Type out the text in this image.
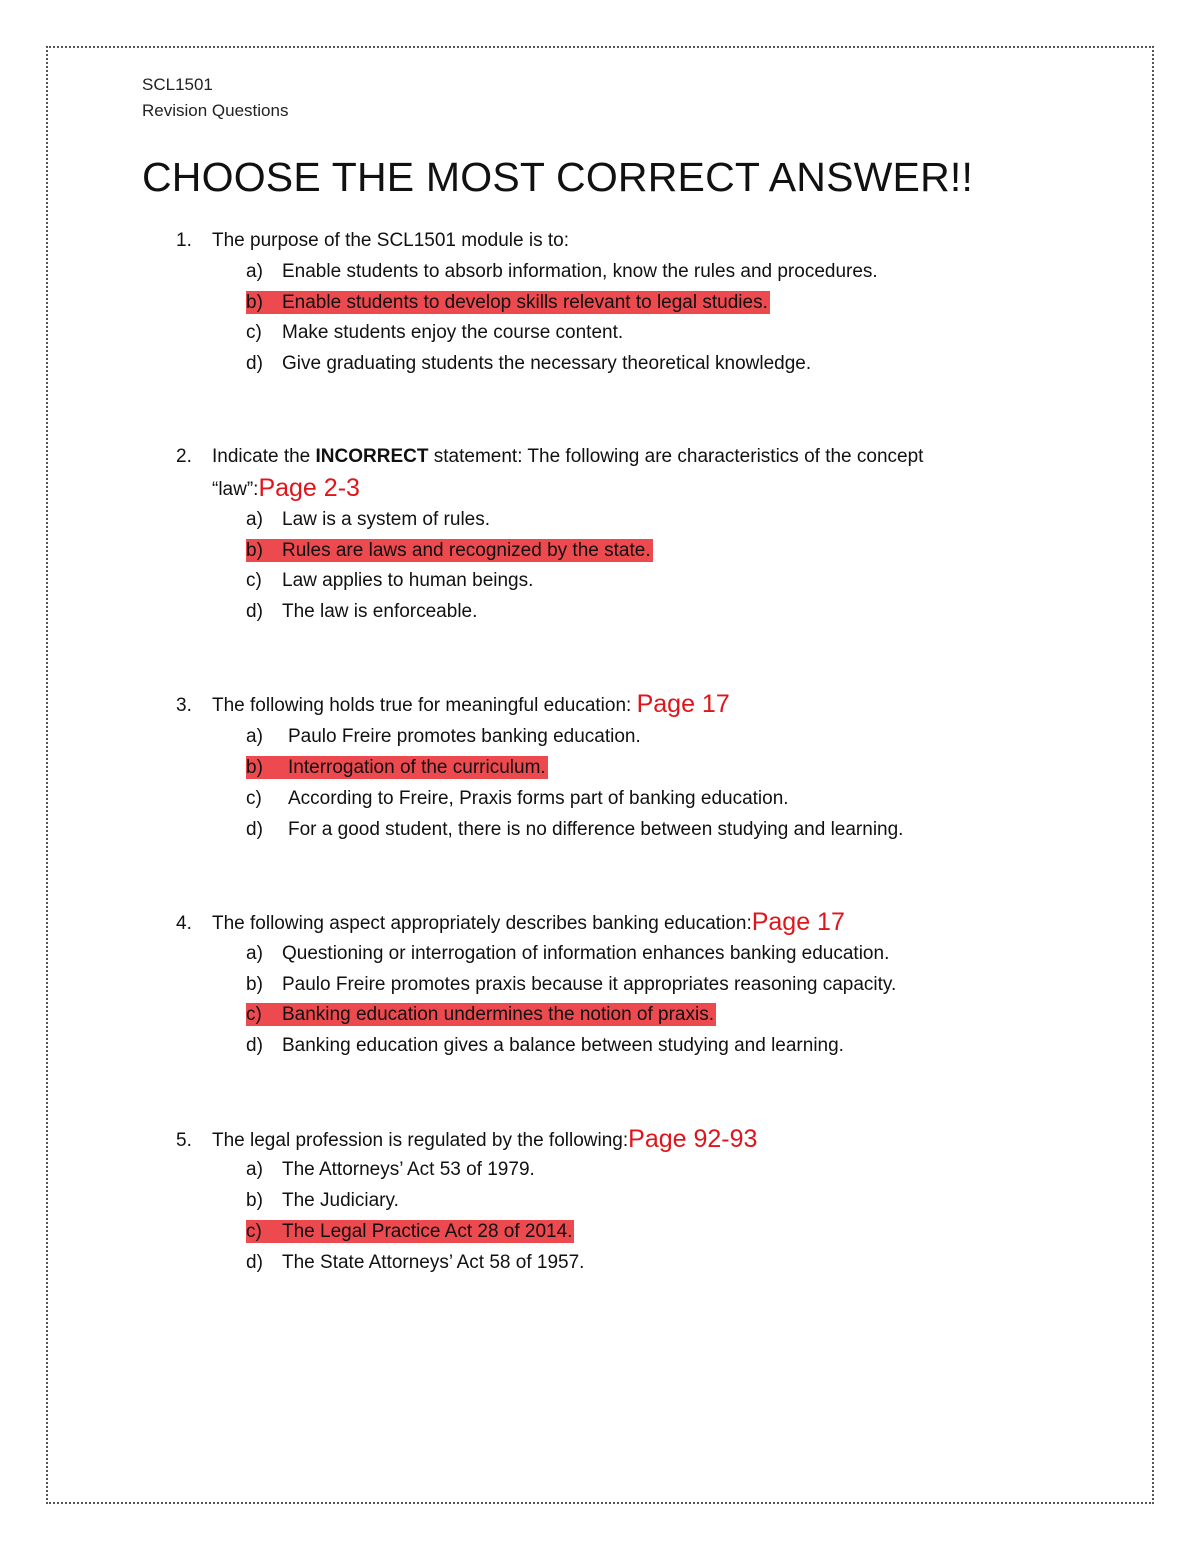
SCL1501
Revision Questions
CHOOSE THE MOST CORRECT ANSWER!!
1. The purpose of the SCL1501 module is to:
a) Enable students to absorb information, know the rules and procedures.
b) Enable students to develop skills relevant to legal studies.
c) Make students enjoy the course content.
d) Give graduating students the necessary theoretical knowledge.
2. Indicate the INCORRECT statement: The following are characteristics of the concept
“law”:Page 2-3
a) Law is a system of rules.
b) Rules are laws and recognized by the state.
c) Law applies to human beings.
d) The law is enforceable.
3. The following holds true for meaningful education: Page 17
a) Paulo Freire promotes banking education.
b) Interrogation of the curriculum.
c) According to Freire, Praxis forms part of banking education.
d) For a good student, there is no difference between studying and learning.
4. The following aspect appropriately describes banking education:Page 17
a) Questioning or interrogation of information enhances banking education.
b) Paulo Freire promotes praxis because it appropriates reasoning capacity.
c) Banking education undermines the notion of praxis.
d) Banking education gives a balance between studying and learning.
5. The legal profession is regulated by the following:Page 92-93
a) The Attorneys’ Act 53 of 1979.
b) The Judiciary.
c) The Legal Practice Act 28 of 2014.
d) The State Attorneys’ Act 58 of 1957.
